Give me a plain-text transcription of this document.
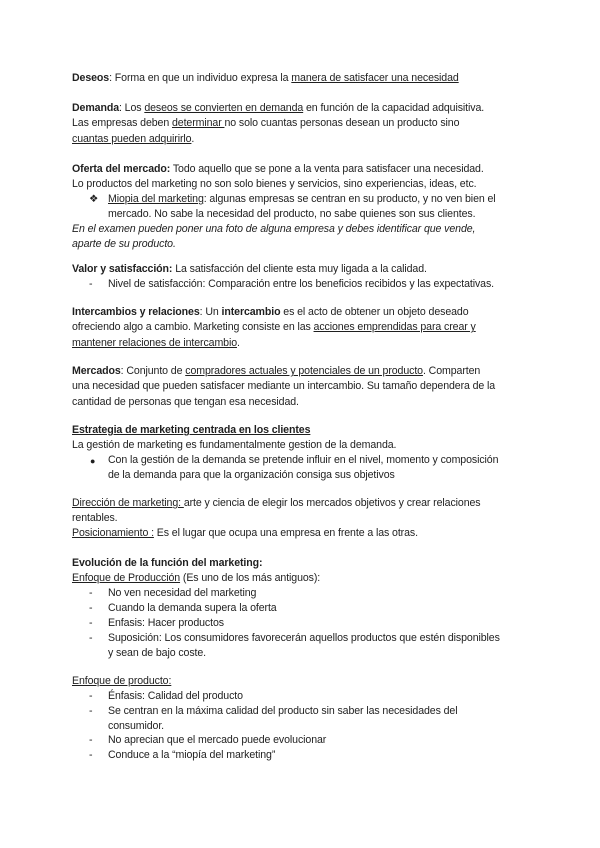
Deseos: Forma en que un individuo expresa la manera de satisfacer una necesidad

Demanda: Los deseos se convierten en demanda en función de la capacidad adquisitiva.
Las empresas deben determinar no solo cuantas personas desean un producto sino
cuantas pueden adquirirlo.

Oferta del mercado: Todo aquello que se pone a la venta para satisfacer una necesidad.
Lo productos del marketing no son solo bienes y servicios, sino experiencias, ideas, etc.

❖ Miopia del marketing: algunas empresas se centran en su producto, y no ven bien el
mercado. No sabe la necesidad del producto, no sabe quienes son sus clientes.

En el examen pueden poner una foto de alguna empresa y debes identificar que vende,
aparte de su producto.

Valor y satisfacción: La satisfacción del cliente esta muy ligada a la calidad.

- Nivel de satisfacción: Comparación entre los beneficios recibidos y las expectativas.

Intercambios y relaciones: Un intercambio es el acto de obtener un objeto deseado
ofreciendo algo a cambio. Marketing consiste en las acciones emprendidas para crear y
mantener relaciones de intercambio.

Mercados: Conjunto de compradores actuales y potenciales de un producto. Comparten
una necesidad que pueden satisfacer mediante un intercambio. Su tamaño dependera de la
cantidad de personas que tengan esa necesidad.

Estrategia de marketing centrada en los clientes
La gestión de marketing es fundamentalmente gestion de la demanda.

● Con la gestión de la demanda se pretende influir en el nivel, momento y composición
de la demanda para que la organización consiga sus objetivos

Dirección de marketing: arte y ciencia de elegir los mercados objetivos y crear relaciones
rentables.

Posicionamiento : Es el lugar que ocupa una empresa en frente a las otras.

Evolución de la función del marketing:
Enfoque de Producción (Es uno de los más antiguos):

- No ven necesidad del marketing

- Cuando la demanda supera la oferta

- Enfasis: Hacer productos

- Suposición: Los consumidores favorecerán aquellos productos que estén disponibles
y sean de bajo coste.

Enfoque de producto:

- Énfasis: Calidad del producto

- Se centran en la máxima calidad del producto sin saber las necesidades del
consumidor.

- No aprecian que el mercado puede evolucionar

- Conduce a la “miopía del marketing”
